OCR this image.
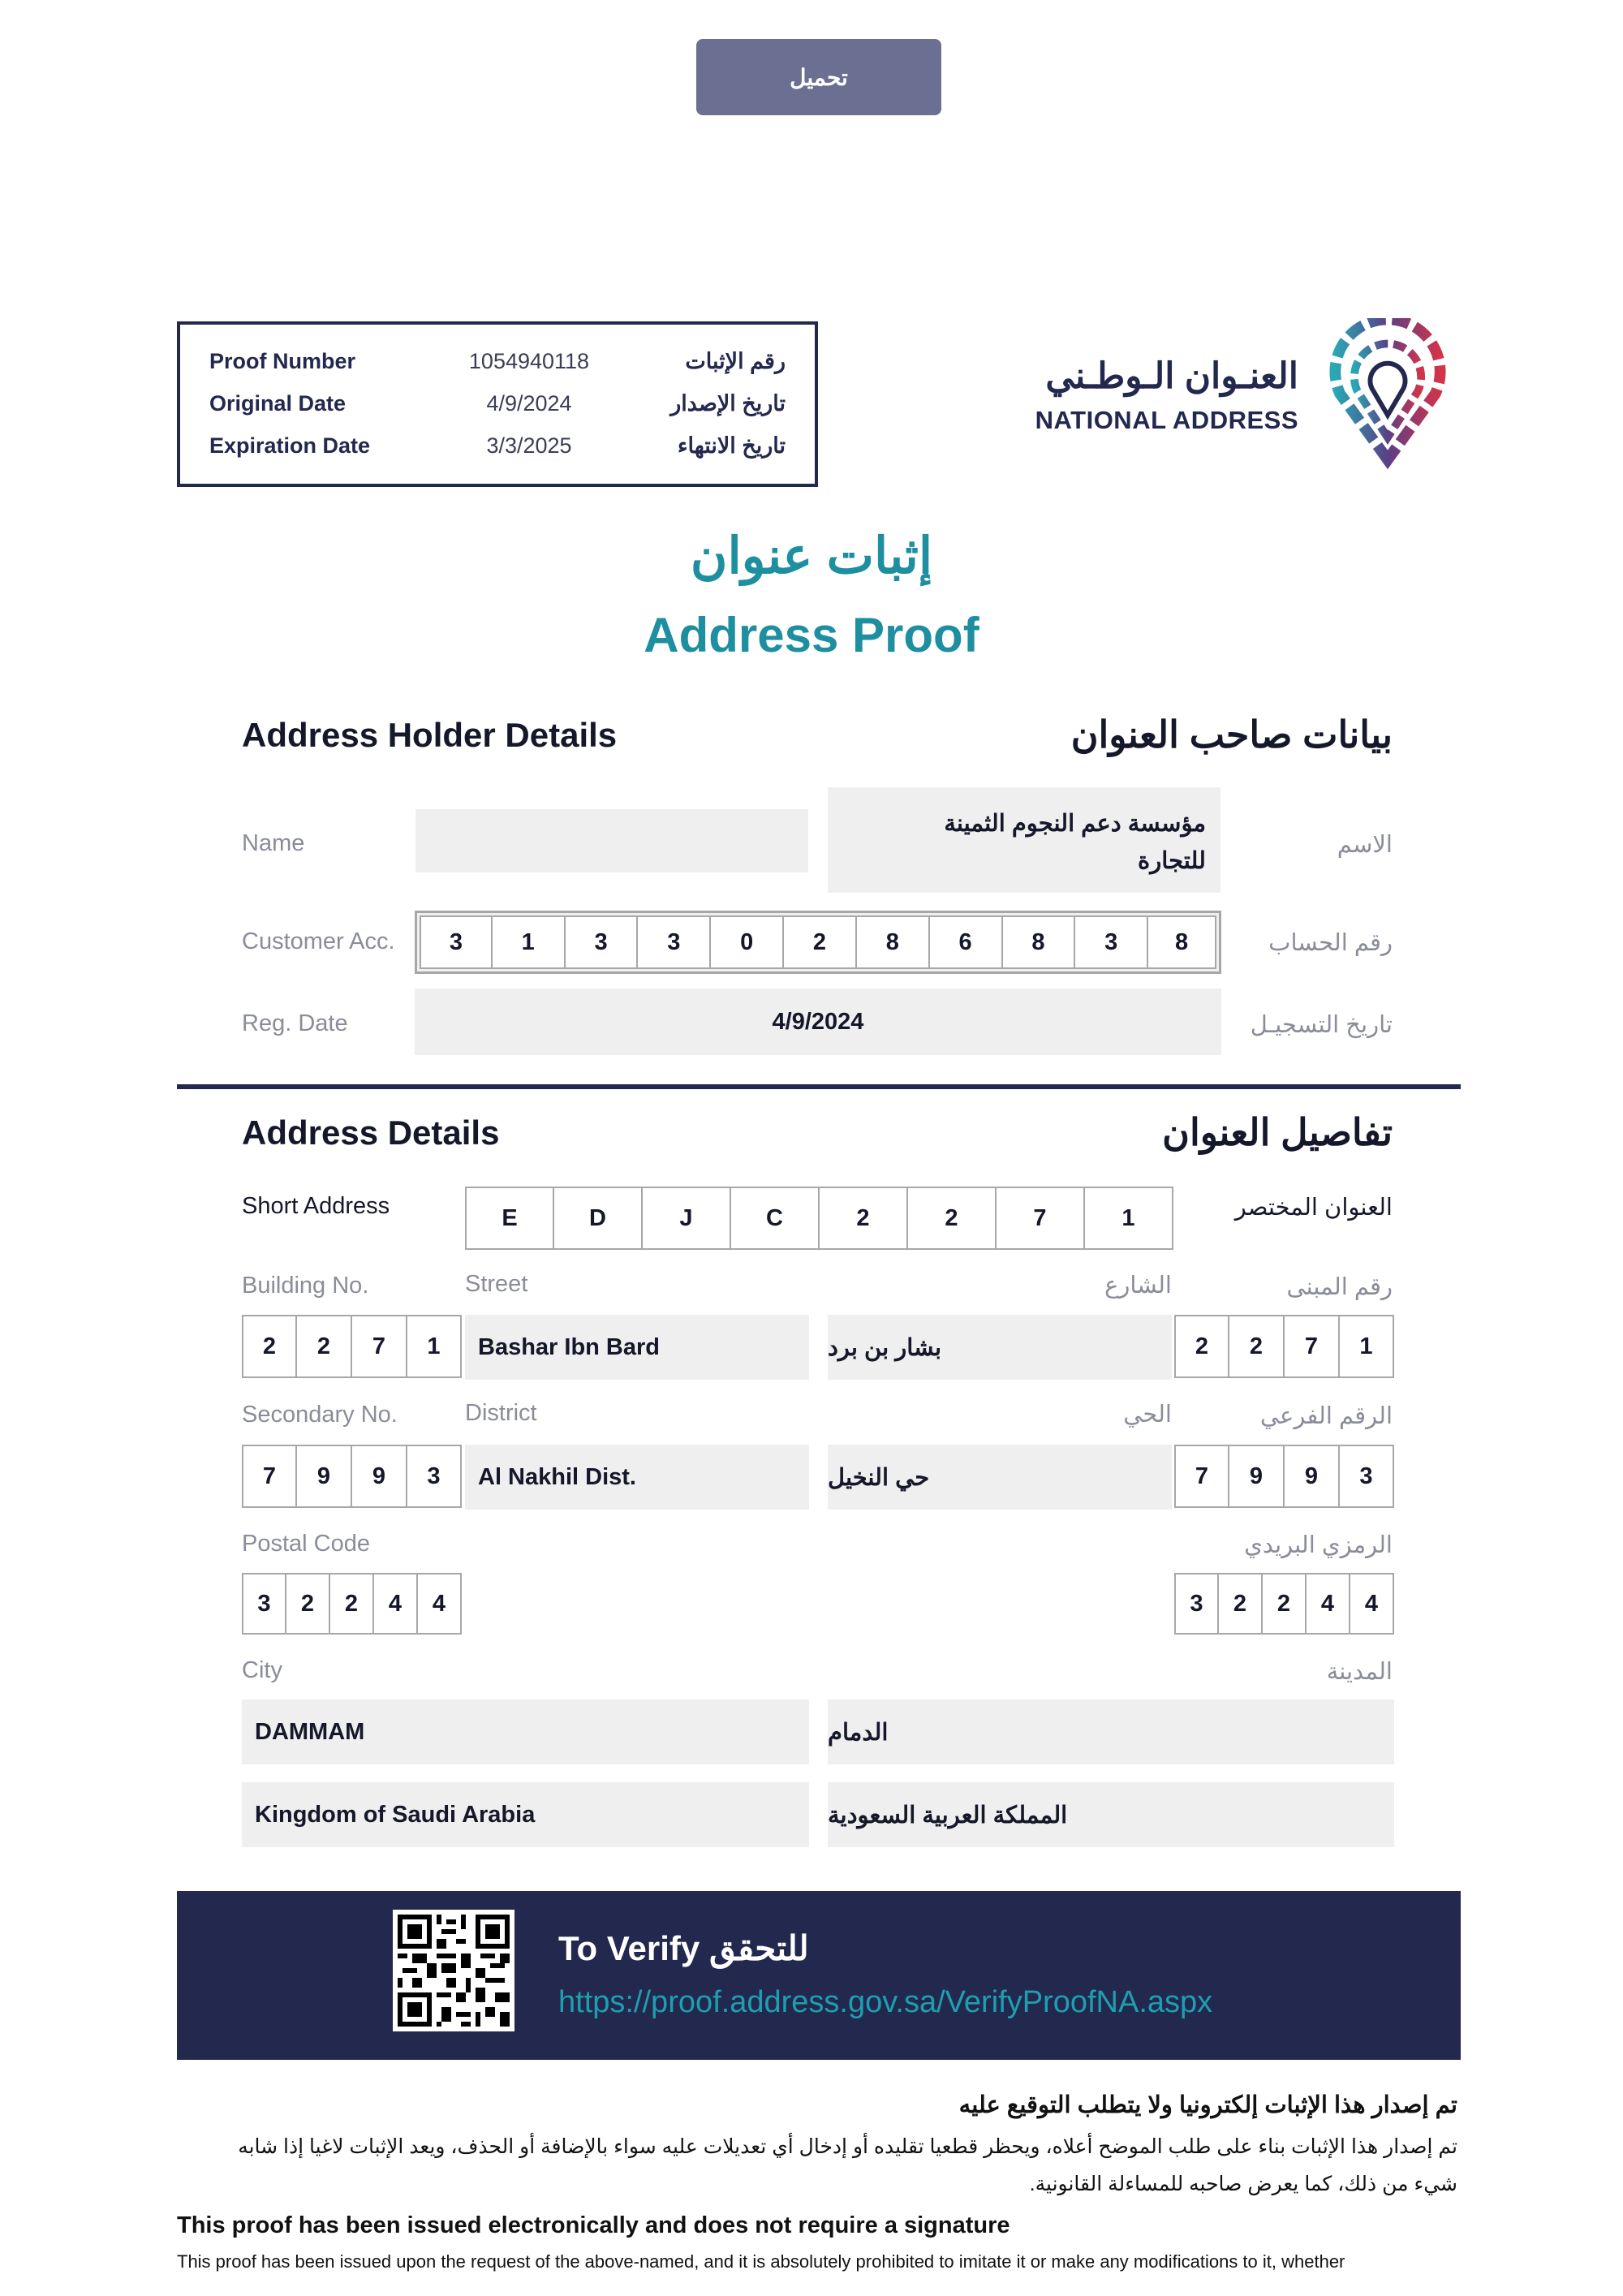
تحميل
Proof Number	1054940118	رقم الإثبات
Original Date	4/9/2024	تاريخ الإصدار
Expiration Date	3/3/2025	تاريخ الانتهاء
العنـوان الـوطـني
NATIONAL ADDRESS
إثبات عنوان
Address Proof
Address Holder Details	بيانات صاحب العنوان
Name	الاسم
مؤسسة دعم النجوم الثمينة
للتجارة
Customer Acc.	رقم الحساب
3	1	3	3	0	2	8	6	8	3	8
Reg. Date	تاريخ التسجيـل
4/9/2024
Address Details	تفاصيل العنوان
Short Address	العنوان المختصر
E	D	J	C	2	2	7	1
Building No.	Street	الشارع	رقم المبنى
2	2	7	1	Bashar Ibn Bard	بشار بن برد	2	2	7	1
Secondary No.	District	الحي	الرقم الفرعي
7	9	9	3	Al Nakhil Dist.	حي النخيل	7	9	9	3
Postal Code	الرمزي البريدي
3	2	2	4	4	3	2	2	4	4
City	المدينة
DAMMAM	الدمام
Kingdom of Saudi Arabia	المملكة العربية السعودية
To Verify للتحقق
https://proof.address.gov.sa/VerifyProofNA.aspx
تم إصدار هذا الإثبات إلكترونيا ولا يتطلب التوقيع عليه
تم إصدار هذا الإثبات بناء على طلب الموضح أعلاه، ويحظر قطعيا تقليده أو إدخال أي تعديلات عليه سواء بالإضافة أو الحذف، ويعد الإثبات لاغيا إذا شابه شيء من ذلك، كما يعرض صاحبه للمساءلة القانونية.
This proof has been issued electronically and does not require a signature
This proof has been issued upon the request of the above-named, and it is absolutely prohibited to imitate it or make any modifications to it, whether
